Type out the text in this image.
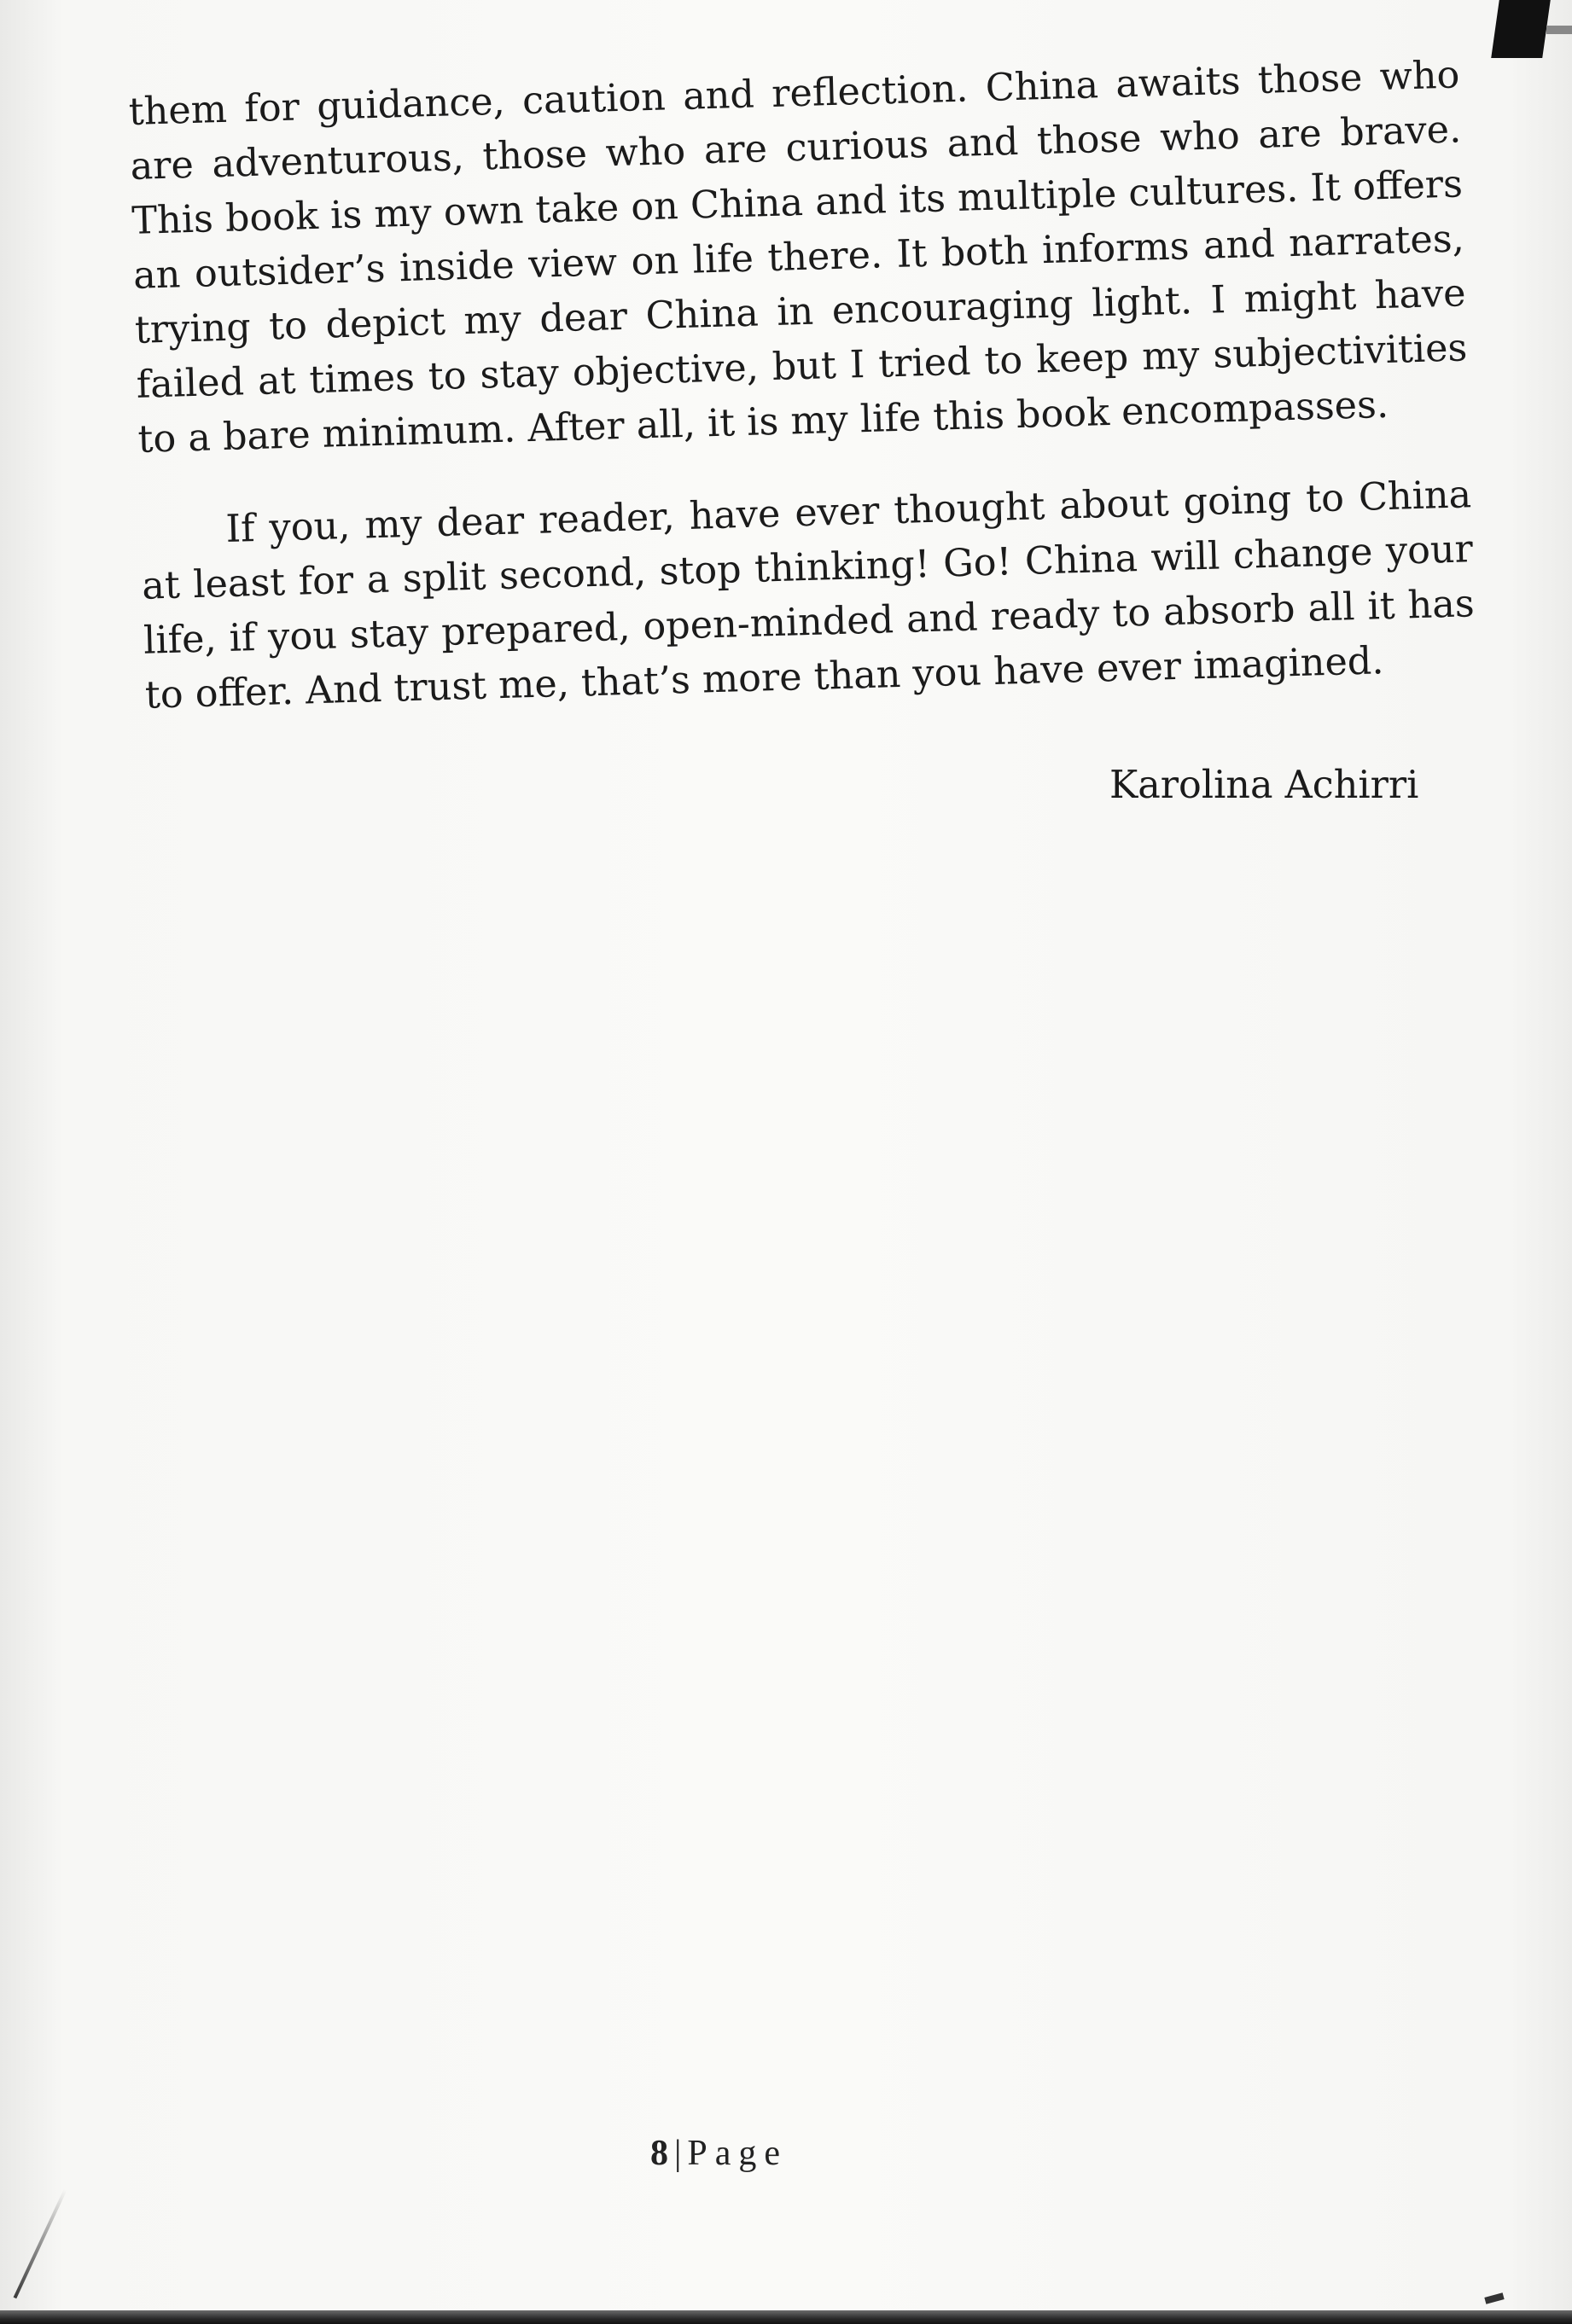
them for guidance, caution and reflection. China awaits those who are adventurous, those who are curious and those who are brave. This book is my own take on China and its multiple cultures. It offers an outsider’s inside view on life there. It both informs and narrates, trying to depict my dear China in encouraging light. I might have failed at times to stay objective, but I tried to keep my subjectivities to a bare minimum. After all, it is my life this book encompasses.

If you, my dear reader, have ever thought about going to China at least for a split second, stop thinking! Go! China will change your life, if you stay prepared, open-minded and ready to absorb all it has to offer. And trust me, that’s more than you have ever imagined.

Karolina Achirri
8 | Page
